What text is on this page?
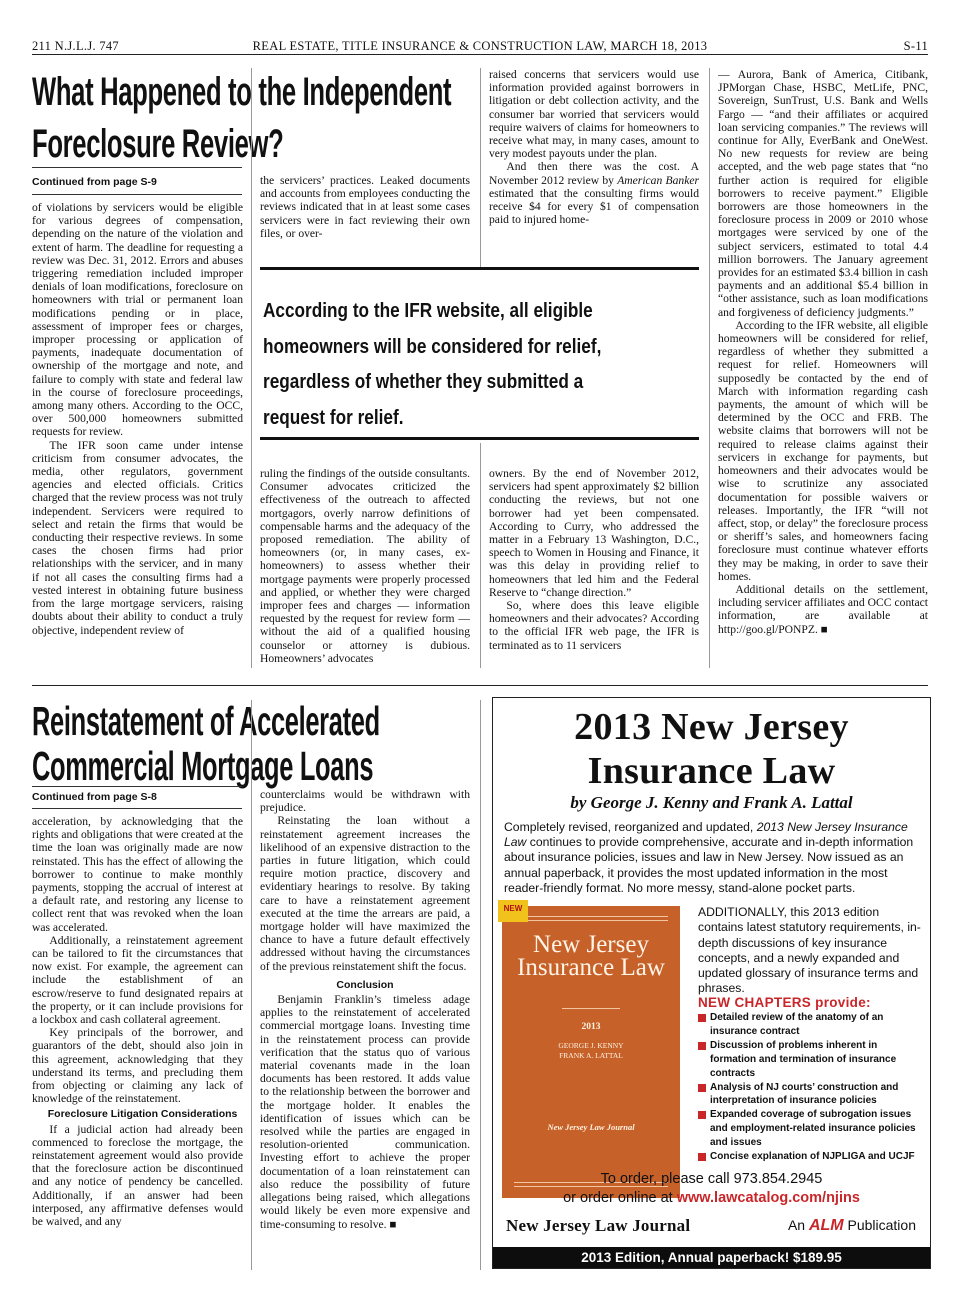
211 N.J.L.J. 747	REAL ESTATE, TITLE INSURANCE & CONSTRUCTION LAW, MARCH 18, 2013	S-11
What Happened to the Independent
Foreclosure Review?
Continued from page S-9

of violations by servicers would be eligible for various degrees of compensation, depending on the nature of the violation and extent of harm. The deadline for requesting a review was Dec. 31, 2012. Errors and abuses triggering remediation included improper denials of loan modifications, foreclosure on homeowners with trial or permanent loan modifications pending or in place, assessment of improper fees or charges, improper processing or application of payments, inadequate documentation of ownership of the mortgage and note, and failure to comply with state and federal law in the course of foreclosure proceedings, among many others. According to the OCC, over 500,000 homeowners submitted requests for review.

The IFR soon came under intense criticism from consumer advocates, the media, other regulators, government agencies and elected officials. Critics charged that the review process was not truly independent. Servicers were required to select and retain the firms that would be conducting their respective reviews. In some cases the chosen firms had prior relationships with the servicer, and in many if not all cases the consulting firms had a vested interest in obtaining future business from the large mortgage servicers, raising doubts about their ability to conduct a truly objective, independent review of

the servicers’ practices. Leaked documents and accounts from employees conducting the reviews indicated that in at least some cases servicers were in fact reviewing their own files, or over-

raised concerns that servicers would use information provided against borrowers in litigation or debt collection activity, and the consumer bar worried that servicers would require waivers of claims for homeowners to receive what may, in many cases, amount to very modest payouts under the plan.

And then there was the cost. A November 2012 review by American Banker estimated that the consulting firms would receive $4 for every $1 of compensation paid to injured home-

According to the IFR website, all eligible
homeowners will be considered for relief,
regardless of whether they submitted a
request for relief.

ruling the findings of the outside consultants. Consumer advocates criticized the effectiveness of the outreach to affected mortgagors, overly narrow definitions of compensable harms and the adequacy of the proposed remediation. The ability of homeowners (or, in many cases, ex-homeowners) to assess whether their mortgage payments were properly processed and applied, or whether they were charged improper fees and charges — information requested by the request for review form — without the aid of a qualified housing counselor or attorney is dubious. Homeowners’ advocates

owners. By the end of November 2012, servicers had spent approximately $2 billion conducting the reviews, but not one borrower had yet been compensated. According to Curry, who addressed the matter in a February 13 Washington, D.C., speech to Women in Housing and Finance, it was this delay in providing relief to homeowners that led him and the Federal Reserve to “change direction.”

So, where does this leave eligible homeowners and their advocates? According to the official IFR web page, the IFR is terminated as to 11 servicers

— Aurora, Bank of America, Citibank, JPMorgan Chase, HSBC, MetLife, PNC, Sovereign, SunTrust, U.S. Bank and Wells Fargo — “and their affiliates or acquired loan servicing companies.” The reviews will continue for Ally, EverBank and OneWest. No new requests for review are being accepted, and the web page states that “no further action is required for eligible borrowers to receive payment.” Eligible borrowers are those homeowners in the foreclosure process in 2009 or 2010 whose mortgages were serviced by one of the subject servicers, estimated to total 4.4 million borrowers. The January agreement provides for an estimated $3.4 billion in cash payments and an additional $5.4 billion in “other assistance, such as loan modifications and forgiveness of deficiency judgments.”

According to the IFR website, all eligible homeowners will be considered for relief, regardless of whether they submitted a request for relief. Homeowners will supposedly be contacted by the end of March with information regarding cash payments, the amount of which will be determined by the OCC and FRB. The website claims that borrowers will not be required to release claims against their servicers in exchange for payments, but homeowners and their advocates would be wise to scrutinize any associated documentation for possible waivers or releases. Importantly, the IFR “will not affect, stop, or delay” the foreclosure process or sheriff’s sales, and homeowners facing foreclosure must continue whatever efforts they may be making, in order to save their homes.

Additional details on the settlement, including servicer affiliates and OCC contact information, are available at http://goo.gl/PONPZ. ■

Reinstatement of Accelerated
Commercial Mortgage Loans
Continued from page S-8

acceleration, by acknowledging that the rights and obligations that were created at the time the loan was originally made are now reinstated. This has the effect of allowing the borrower to continue to make monthly payments, stopping the accrual of interest at a default rate, and restoring any license to collect rent that was revoked when the loan was accelerated.

Additionally, a reinstatement agreement can be tailored to fit the circumstances that now exist. For example, the agreement can include the establishment of an escrow/reserve to fund designated repairs at the property, or it can include provisions for a lockbox and cash collateral agreement.

Key principals of the borrower, and guarantors of the debt, should also join in this agreement, acknowledging that they understand its terms, and precluding them from objecting or claiming any lack of knowledge of the reinstatement.

Foreclosure Litigation Considerations

If a judicial action had already been commenced to foreclose the mortgage, the reinstatement agreement would also provide that the foreclosure action be discontinued and any notice of pendency be cancelled. Additionally, if an answer had been interposed, any affirmative defenses would be waived, and any

counterclaims would be withdrawn with prejudice.

Reinstating the loan without a reinstatement agreement increases the likelihood of an expensive distraction to the parties in future litigation, which could require motion practice, discovery and evidentiary hearings to resolve. By taking care to have a reinstatement agreement executed at the time the arrears are paid, a mortgage holder will have maximized the chance to have a future default effectively addressed without having the circumstances of the previous reinstatement shift the focus.

Conclusion

Benjamin Franklin’s timeless adage applies to the reinstatement of accelerated commercial mortgage loans. Investing time in the reinstatement process can provide verification that the status quo of various material covenants made in the loan documents has been restored. It adds value to the relationship between the borrower and the mortgage holder. It enables the identification of issues which can be resolved while the parties are engaged in resolution-oriented communication. Investing effort to achieve the proper documentation of a loan reinstatement can also reduce the possibility of future allegations being raised, which allegations would likely be even more expensive and time-consuming to resolve. ■

2013 New Jersey
Insurance Law
by George J. Kenny and Frank A. Lattal
Completely revised, reorganized and updated, 2013 New Jersey Insurance Law continues to provide comprehensive, accurate and in-depth information about insurance policies, issues and law in New Jersey. Now issued as an annual paperback, it provides the most updated information in the most reader-friendly format. No more messy, stand-alone pocket parts.
New Jersey Insurance Law
2013
GEORGE J. KENNY
FRANK A. LATTAL
New Jersey Law Journal
NEW	ADDITIONALLY, this 2013 edition contains latest statutory requirements, in-depth discussions of key insurance concepts, and a newly expanded and updated glossary of insurance terms and phrases.
NEW CHAPTERS provide:
Detailed review of the anatomy of an insurance contract
Discussion of problems inherent in formation and termination of insurance contracts
Analysis of NJ courts’ construction and interpretation of insurance policies
Expanded coverage of subrogation issues and employment-related insurance policies and issues
Concise explanation of NJPLIGA and UCJF
To order, please call 973.854.2945
or order online at www.lawcatalog.com/njins
New Jersey Law Journal	An ALM Publication
2013 Edition, Annual paperback! $189.95
